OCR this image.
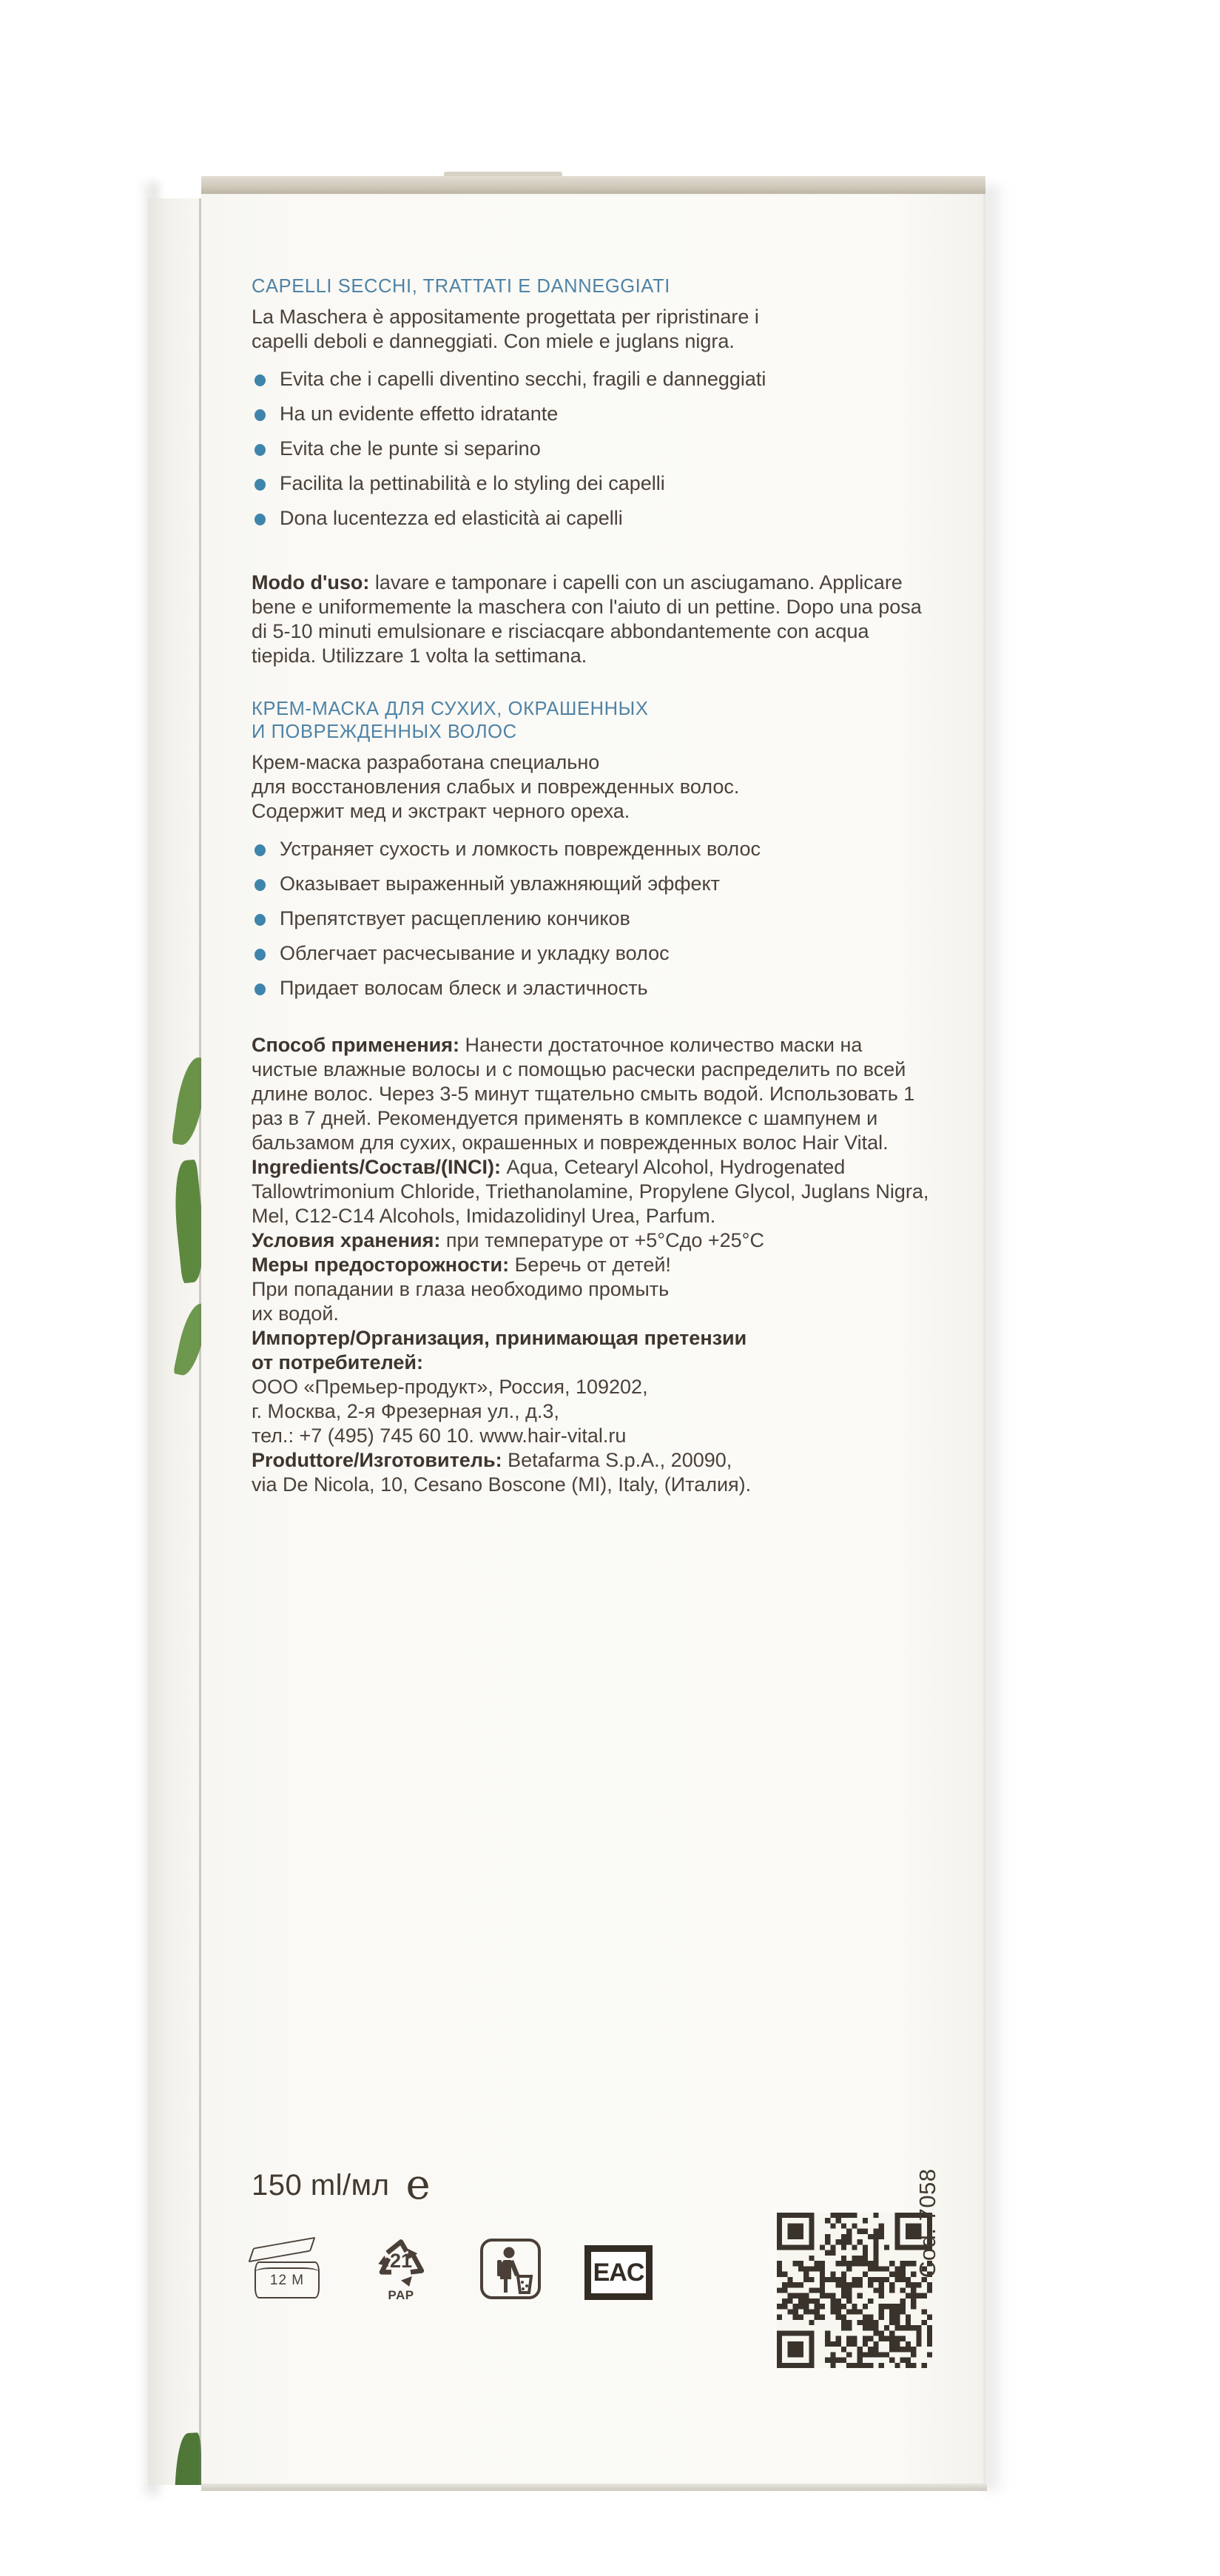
CAPELLI SECCHI, TRATTATI E DANNEGGIATI

La Maschera è appositamente progettata per ripristinare i
capelli deboli e danneggiati. Con miele e juglans nigra.

Evita che i capelli diventino secchi, fragili e danneggiati
Ha un evidente effetto idratante
Evita che le punte si separino
Facilita la pettinabilità e lo styling dei capelli
Dona lucentezza ed elasticità ai capelli

Modo d'uso: lavare e tamponare i capelli con un asciugamano. Applicare bene e uniformemente la maschera con l'aiuto di un pettine. Dopo una posa di 5-10 minuti emulsionare e risciacqare abbondantemente con acqua tiepida. Utilizzare 1 volta la settimana.

КРЕМ-МАСКА ДЛЯ СУХИХ, ОКРАШЕННЫХ
И ПОВРЕЖДЕННЫХ ВОЛОС

Крем-маска разработана специально
для восстановления слабых и поврежденных волос.
Содержит мед и экстракт черного ореха.

Устраняет сухость и ломкость поврежденных волос
Оказывает выраженный увлажняющий эффект
Препятствует расщеплению кончиков
Облегчает расчесывание и укладку волос
Придает волосам блеск и эластичность

Способ применения: Нанести достаточное количество маски на чистые влажные волосы и с помощью расчески распределить по всей длине волос. Через 3-5 минут тщательно смыть водой. Использовать 1 раз в 7 дней. Рекомендуется применять в комплексе с шампунем и бальзамом для сухих, окрашенных и поврежденных волос Hair Vital.

Ingredients/Состав/(INCI): Aqua, Cetearyl Alcohol, Hydrogenated Tallowtrimonium Chloride, Triethanolamine, Propylene Glycol, Juglans Nigra, Mel, C12-C14 Alcohols, Imidazolidinyl Urea, Parfum.

Условия хранения: при температуре от +5°Cдо +25°C

Меры предосторожности: Беречь от детей!
При попадании в глаза необходимо промыть
их водой.

Импортер/Организация, принимающая претензии
от потребителей:
ООО «Премьер-продукт», Россия, 109202,
г. Москва, 2-я Фрезерная ул., д.3,
тел.: +7 (495) 745 60 10. www.hair-vital.ru

Produttore/Изготовитель: Betafarma S.p.A., 20090,
via De Nicola, 10, Cesano Boscone (MI), Italy, (Италия).

150 ml/мл e
12 M
21
PAP
EAC	Cod. 7058
